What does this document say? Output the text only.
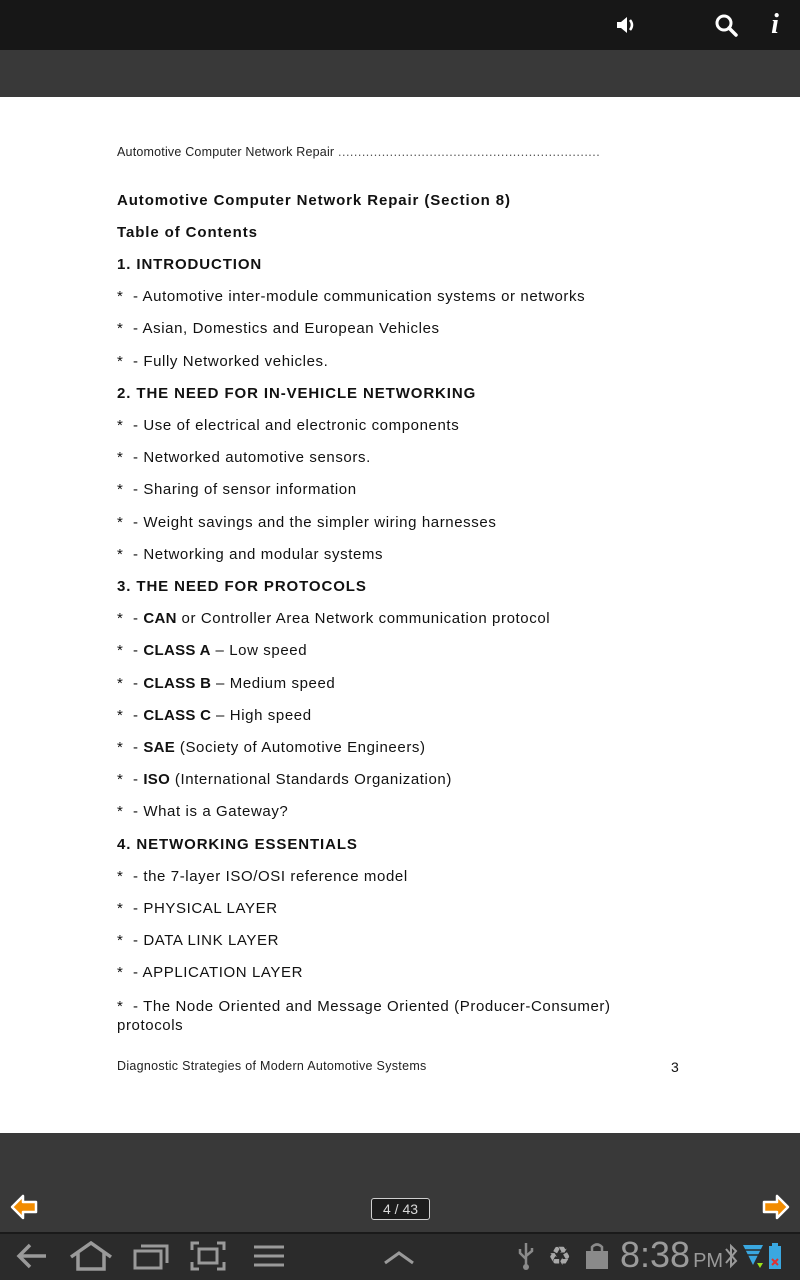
i
Automotive Computer Network Repair ..................................................................
Automotive Computer Network Repair (Section 8)
Table of Contents
1. INTRODUCTION
*  - Automotive inter-module communication systems or networks
*  - Asian, Domestics and European Vehicles
*  - Fully Networked vehicles.
2. THE NEED FOR IN-VEHICLE NETWORKING
*  - Use of electrical and electronic components
*  - Networked automotive sensors.
*  - Sharing of sensor information
*  - Weight savings and the simpler wiring harnesses
*  - Networking and modular systems
3. THE NEED FOR PROTOCOLS
*  - CAN or Controller Area Network communication protocol
*  - CLASS A – Low speed
*  - CLASS B – Medium speed
*  - CLASS C – High speed
*  - SAE (Society of Automotive Engineers)
*  - ISO (International Standards Organization)
*  - What is a Gateway?
4. NETWORKING ESSENTIALS
*  - the 7-layer ISO/OSI reference model
*  - PHYSICAL LAYER
*  - DATA LINK LAYER
*  - APPLICATION LAYER
*  - The Node Oriented and Message Oriented (Producer-Consumer) protocols
Diagnostic Strategies of Modern Automotive Systems	3
4 / 43
♻ 8:38 PM
